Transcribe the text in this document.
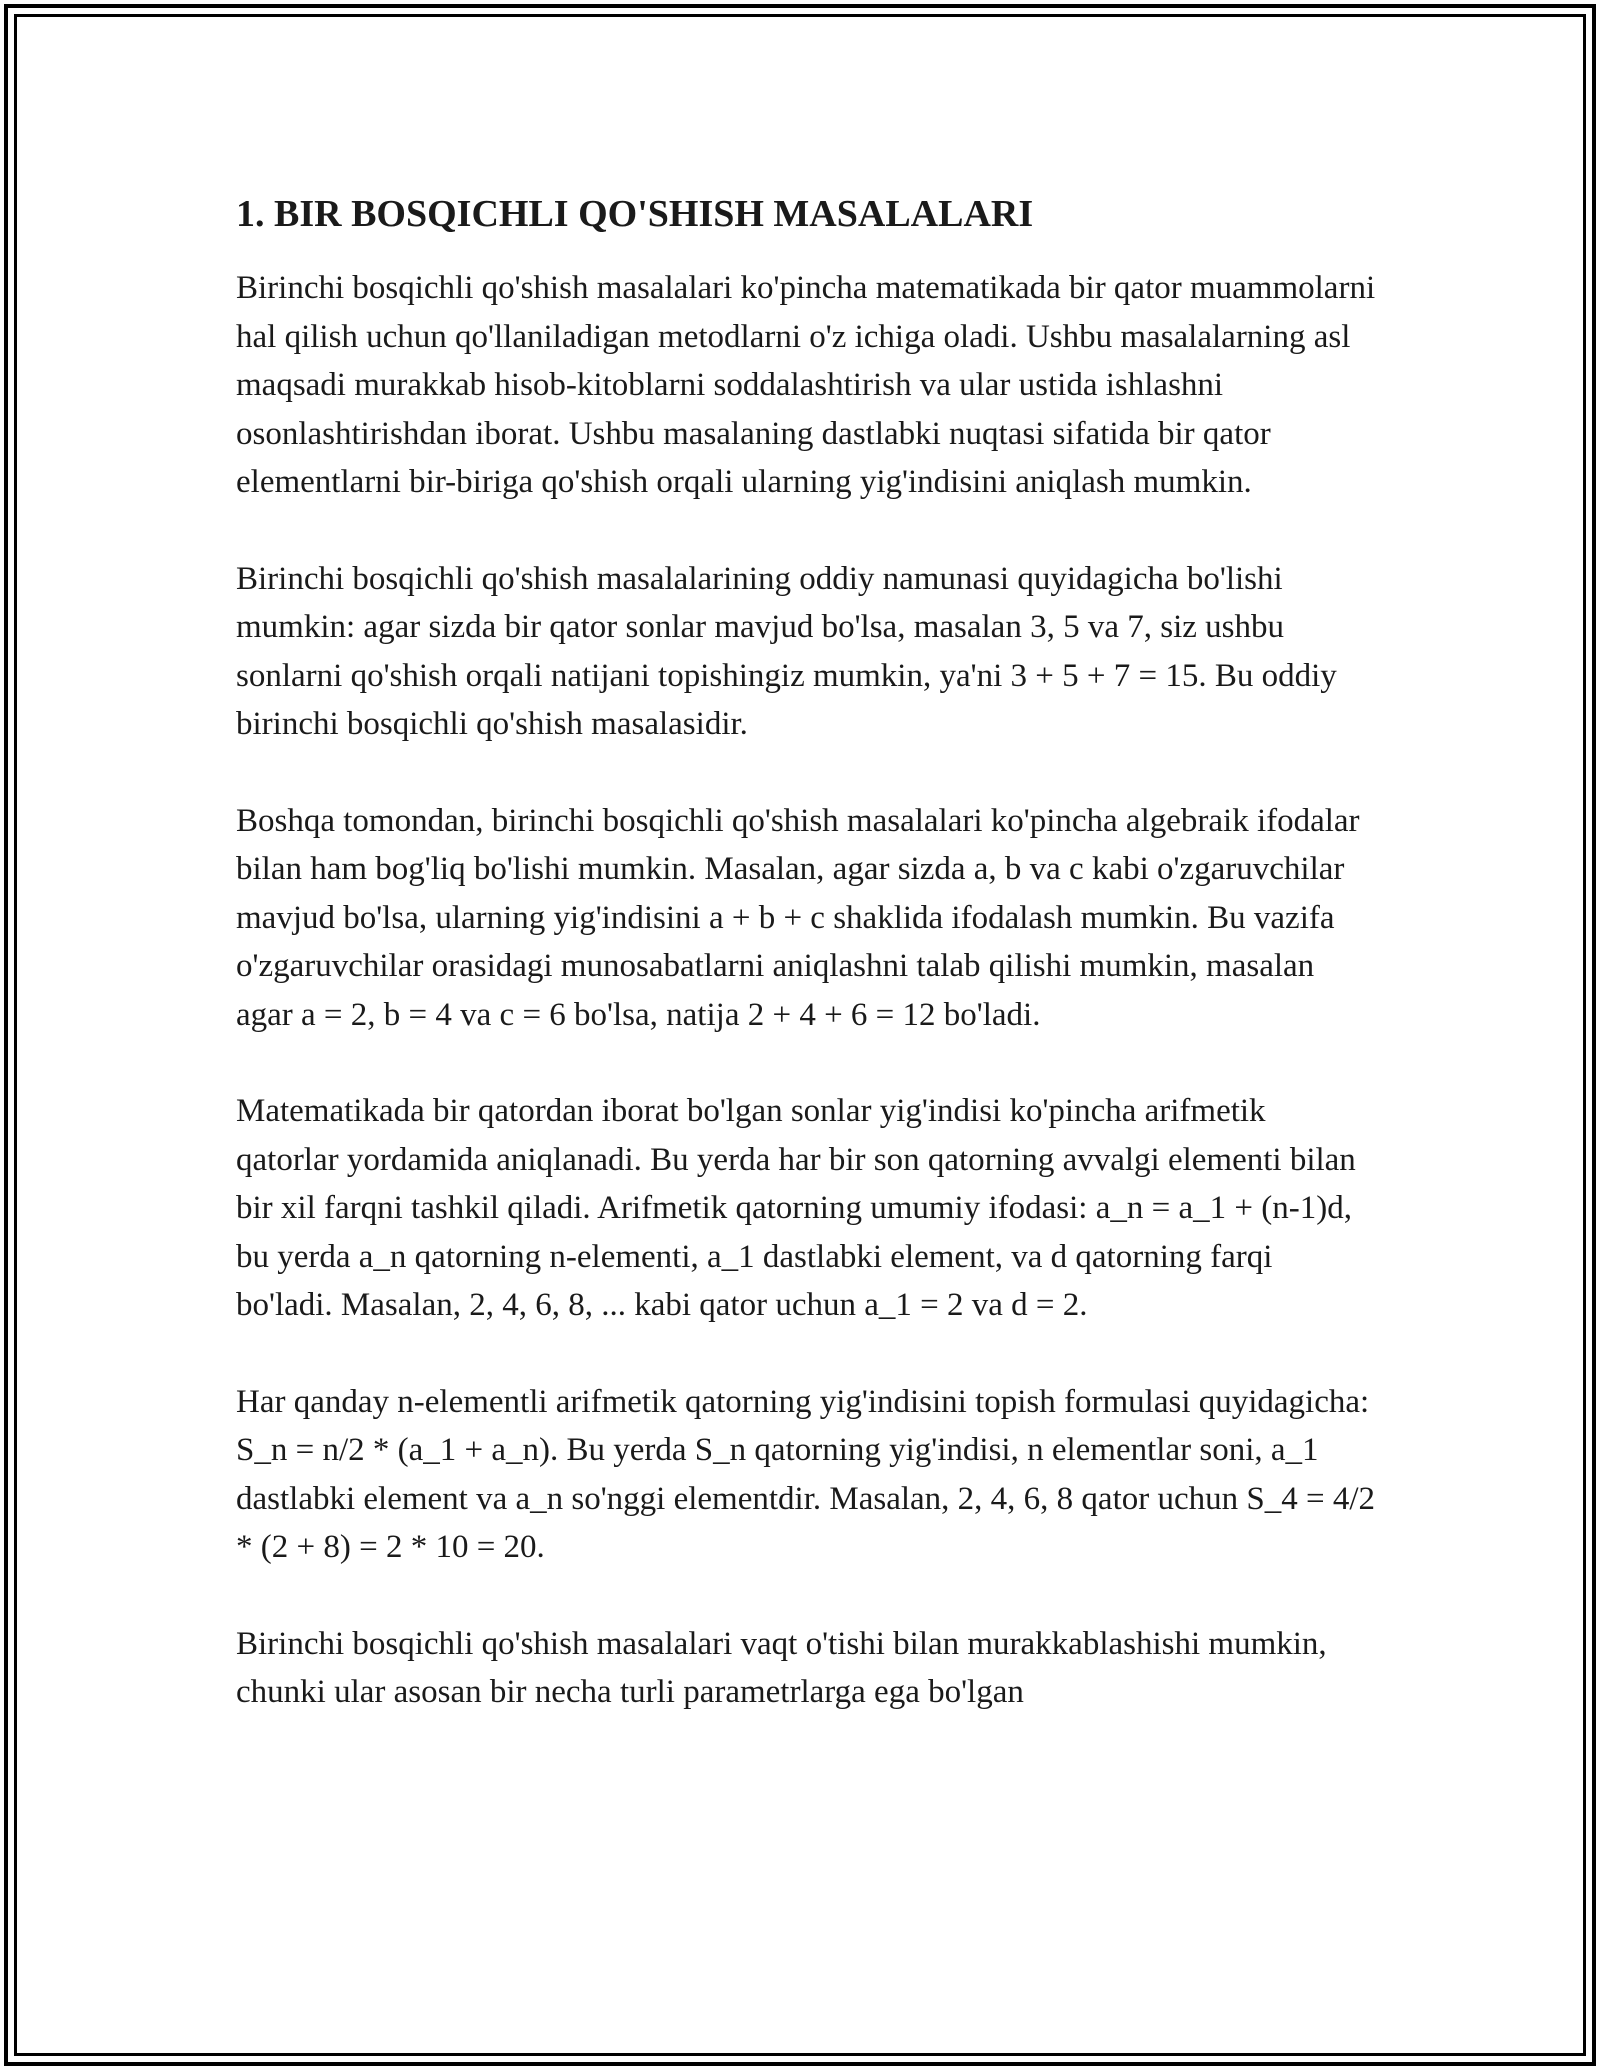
1. BIR BOSQICHLI QO'SHISH MASALALARI

Birinchi bosqichli qo'shish masalalari ko'pincha matematikada bir qator muammolarni hal qilish uchun qo'llaniladigan metodlarni o'z ichiga oladi. Ushbu masalalarning asl maqsadi murakkab hisob-kitoblarni soddalashtirish va ular ustida ishlashni osonlashtirishdan iborat. Ushbu masalaning dastlabki nuqtasi sifatida bir qator elementlarni bir-biriga qo'shish orqali ularning yig'indisini aniqlash mumkin.

Birinchi bosqichli qo'shish masalalarining oddiy namunasi quyidagicha bo'lishi mumkin: agar sizda bir qator sonlar mavjud bo'lsa, masalan 3, 5 va 7, siz ushbu sonlarni qo'shish orqali natijani topishingiz mumkin, ya'ni 3 + 5 + 7 = 15. Bu oddiy birinchi bosqichli qo'shish masalasidir.

Boshqa tomondan, birinchi bosqichli qo'shish masalalari ko'pincha algebraik ifodalar bilan ham bog'liq bo'lishi mumkin. Masalan, agar sizda a, b va c kabi o'zgaruvchilar mavjud bo'lsa, ularning yig'indisini a + b + c shaklida ifodalash mumkin. Bu vazifa o'zgaruvchilar orasidagi munosabatlarni aniqlashni talab qilishi mumkin, masalan agar a = 2, b = 4 va c = 6 bo'lsa, natija 2 + 4 + 6 = 12 bo'ladi.

Matematikada bir qatordan iborat bo'lgan sonlar yig'indisi ko'pincha arifmetik qatorlar yordamida aniqlanadi. Bu yerda har bir son qatorning avvalgi elementi bilan bir xil farqni tashkil qiladi. Arifmetik qatorning umumiy ifodasi: a_n = a_1 + (n-1)d, bu yerda a_n qatorning n-elementi, a_1 dastlabki element, va d qatorning farqi bo'ladi. Masalan, 2, 4, 6, 8, ... kabi qator uchun a_1 = 2 va d = 2.

Har qanday n-elementli arifmetik qatorning yig'indisini topish formulasi quyidagicha: S_n = n/2 * (a_1 + a_n). Bu yerda S_n qatorning yig'indisi, n elementlar soni, a_1 dastlabki element va a_n so'nggi elementdir. Masalan, 2, 4, 6, 8 qator uchun S_4 = 4/2 * (2 + 8) = 2 * 10 = 20.

Birinchi bosqichli qo'shish masalalari vaqt o'tishi bilan murakkablashishi mumkin, chunki ular asosan bir necha turli parametrlarga ega bo'lgan
